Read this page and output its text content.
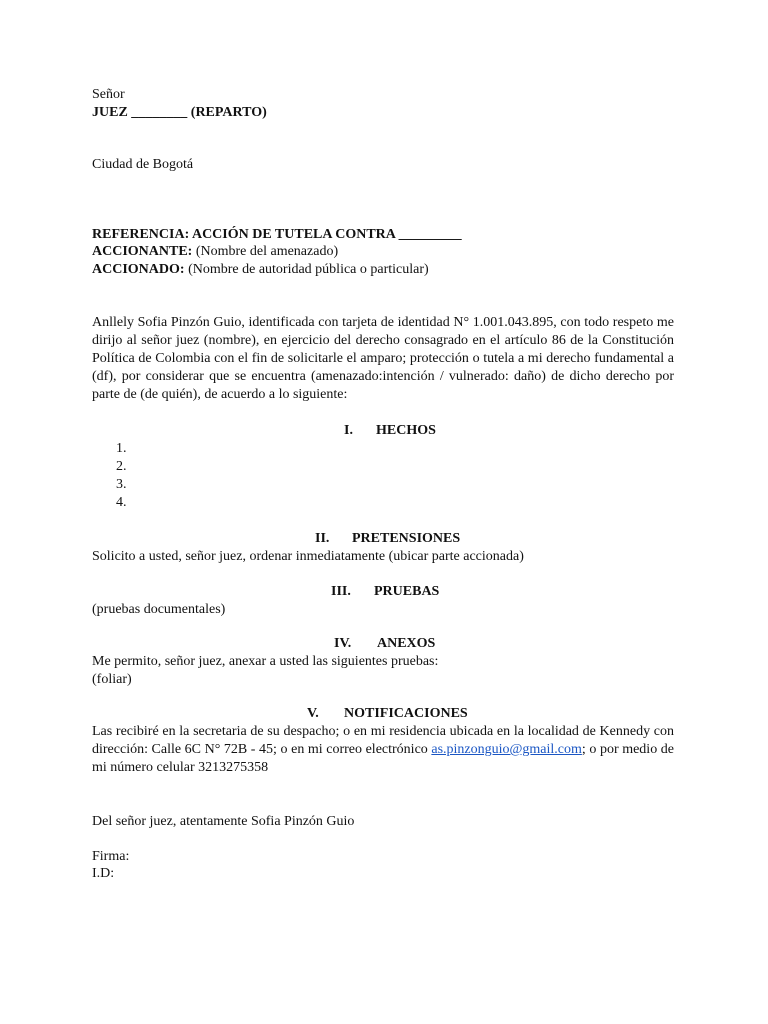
Señor

JUEZ ________ (REPARTO)

Ciudad de Bogotá

REFERENCIA: ACCIÓN DE TUTELA CONTRA _________

ACCIONANTE: (Nombre del amenazado)

ACCIONADO: (Nombre de autoridad pública o particular)

Anllely Sofia Pinzón Guio, identificada con tarjeta de identidad N° 1.001.043.895, con todo respeto me dirijo al señor juez (nombre), en ejercicio del derecho consagrado en el artículo 86 de la Constitución Política de Colombia con el fin de solicitarle el amparo; protección o tutela a mi derecho fundamental a (df), por considerar que se encuentra (amenazado:intención / vulnerado: daño) de dicho derecho por parte de (de quién), de acuerdo a lo siguiente:

I. HECHOS
1.
2.
3.
4.
II. PRETENSIONES

Solicito a usted, señor juez, ordenar inmediatamente (ubicar parte accionada)

III. PRUEBAS

(pruebas documentales)

IV. ANEXOS

Me permito, señor juez, anexar a usted las siguientes pruebas:

(foliar)

V. NOTIFICACIONES

Las recibiré en la secretaria de su despacho; o en mi residencia ubicada en la localidad de Kennedy con dirección: Calle 6C N° 72B - 45; o en mi correo electrónico as.pinzonguio@gmail.com; o por medio de mi número celular 3213275358

Del señor juez, atentamente Sofia Pinzón Guio

Firma:

I.D:
